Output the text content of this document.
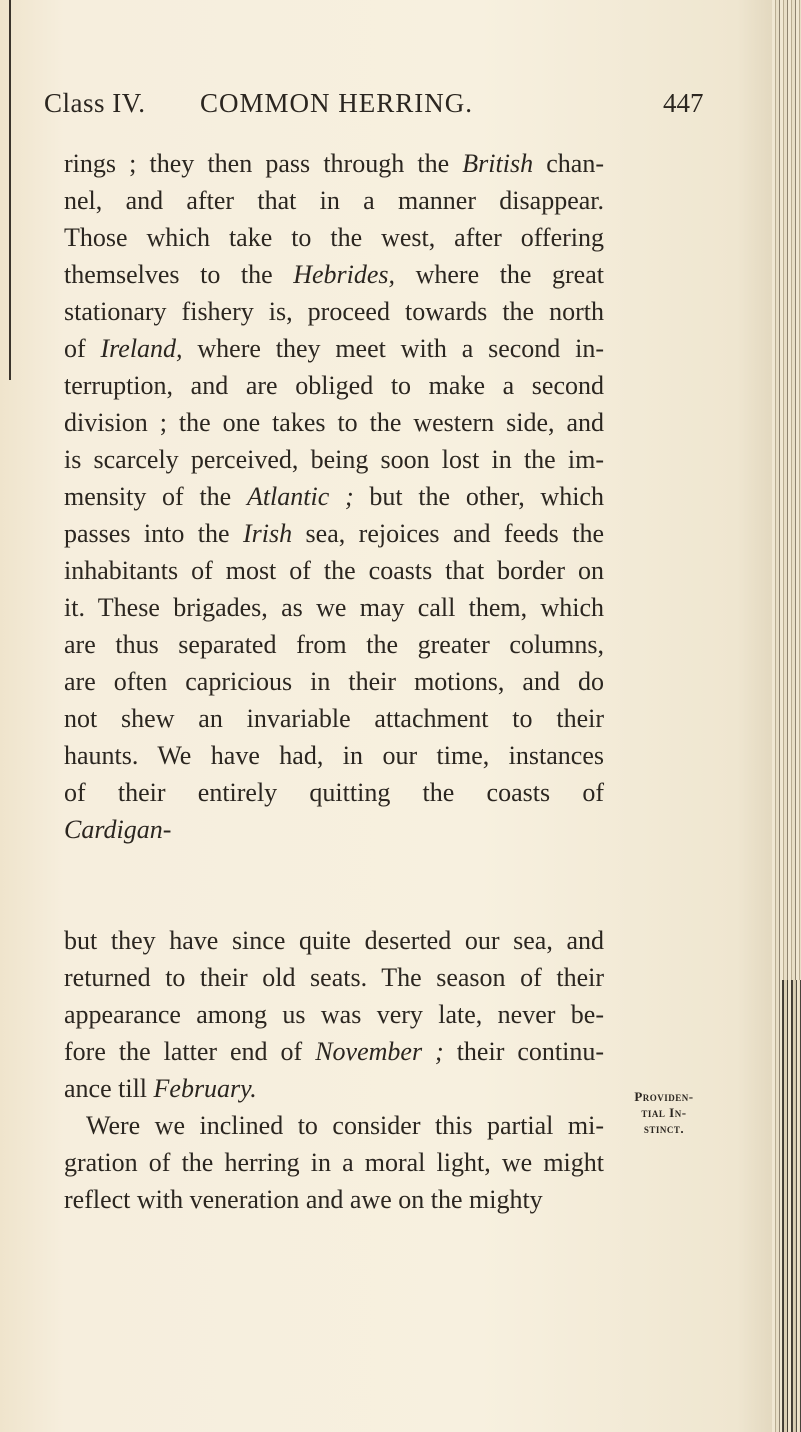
Class IV. COMMON HERRING.	447
rings ; they then pass through the British chan-
nel, and after that in a manner disappear.
Those which take to the west, after offering
themselves to the Hebrides, where the great
stationary fishery is, proceed towards the north
of Ireland, where they meet with a second in-
terruption, and are obliged to make a second
division ; the one takes to the western side, and
is scarcely perceived, being soon lost in the im-
mensity of the Atlantic ; but the other, which
passes into the Irish sea, rejoices and feeds the
inhabitants of most of the coasts that border on
it. These brigades, as we may call them, which
are thus separated from the greater columns,
are often capricious in their motions, and do
not shew an invariable attachment to their
haunts. We have had, in our time, instances
of their entirely quitting the coasts of
Cardigan-
but they have since quite deserted our sea, and
returned to their old seats. The season of their
appearance among us was very late, never be-
fore the latter end of November ; their continu-
ance till February.
Were we inclined to consider this partial mi-
gration of the herring in a moral light, we might
reflect with veneration and awe on the mighty
Providen-
tial In-
stinct.
